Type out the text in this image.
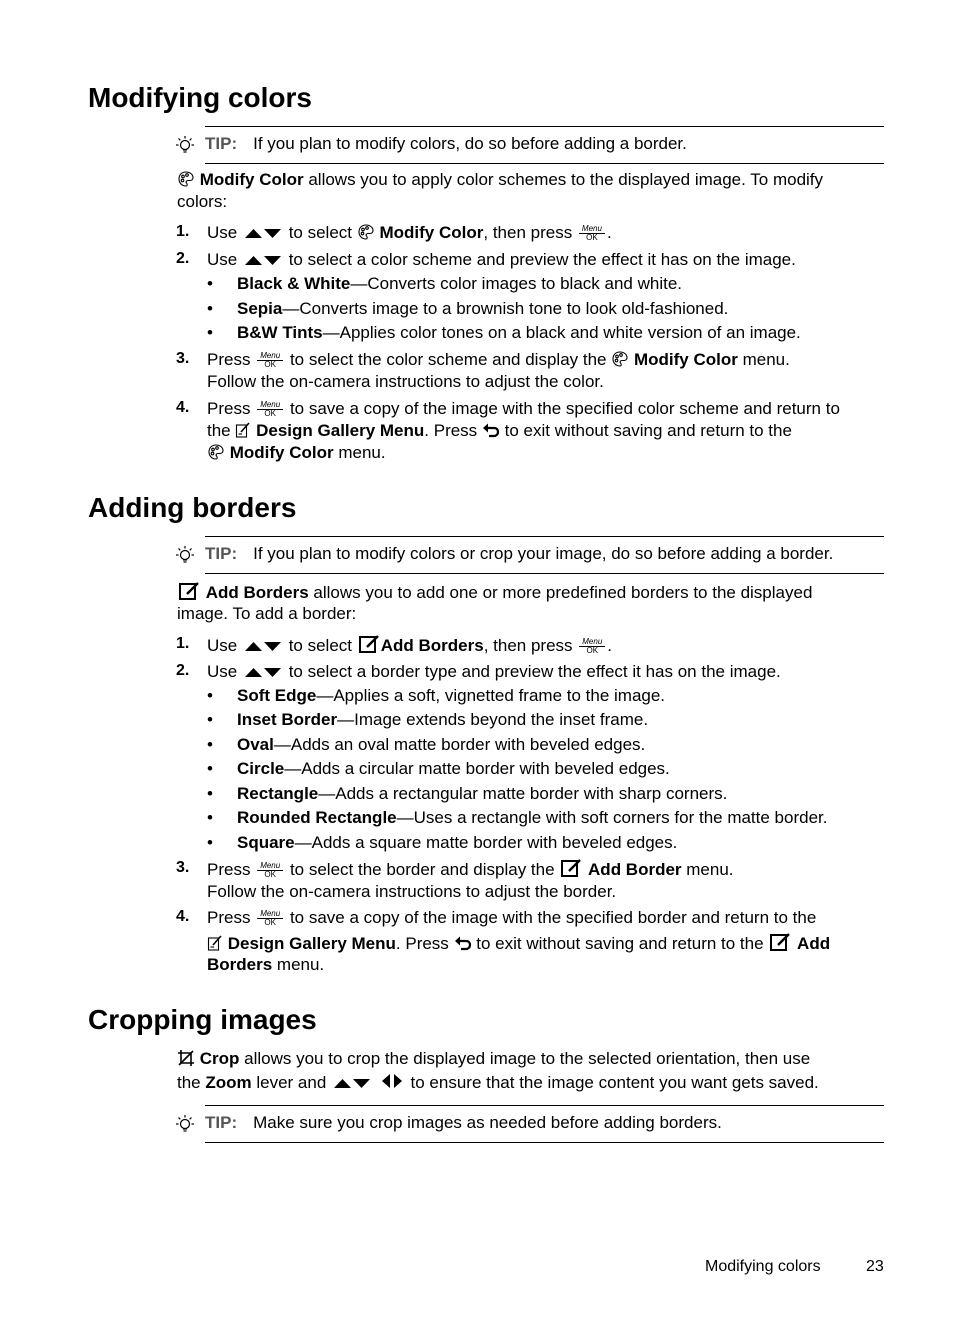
Modifying colors
TIP: If you plan to modify colors, do so before adding a border.
Modify Color allows you to apply color schemes to the displayed image. To modify
colors:
1. Use	to select Modify Color, then press	Menu
OK .
2. Use	to select a color scheme and preview the effect it has on the image.
• Black & White—Converts color images to black and white.
• Sepia—Converts image to a brownish tone to look old-fashioned.
• B&W Tints—Applies color tones on a black and white version of an image.
3. Press	Menu
OK to select the color scheme and display the Modify Color menu.
Follow the on-camera instructions to adjust the color.
4. Press	Menu
OK to save a copy of the image with the specified color scheme and return to
the Design Gallery Menu. Press to exit without saving and return to the
Modify Color menu.
Adding borders
TIP: If you plan to modify colors or crop your image, do so before adding a border.
Add Borders allows you to add one or more predefined borders to the displayed
image. To add a border:
1. Use	to select Add Borders, then press	Menu
OK .
2. Use	to select a border type and preview the effect it has on the image.
• Soft Edge—Applies a soft, vignetted frame to the image.
• Inset Border—Image extends beyond the inset frame.
• Oval—Adds an oval matte border with beveled edges.
• Circle—Adds a circular matte border with beveled edges.
• Rectangle—Adds a rectangular matte border with sharp corners.
• Rounded Rectangle—Uses a rectangle with soft corners for the matte border.
• Square—Adds a square matte border with beveled edges.
3. Press	Menu
OK to select the border and display the Add Border menu.
Follow the on-camera instructions to adjust the border.
4. Press	Menu
OK to save a copy of the image with the specified border and return to the
Design Gallery Menu. Press to exit without saving and return to the Add
Borders menu.
Cropping images
Crop allows you to crop the displayed image to the selected orientation, then use
the Zoom lever and	to ensure that the image content you want gets saved.
TIP: Make sure you crop images as needed before adding borders.
Modifying colors	23
